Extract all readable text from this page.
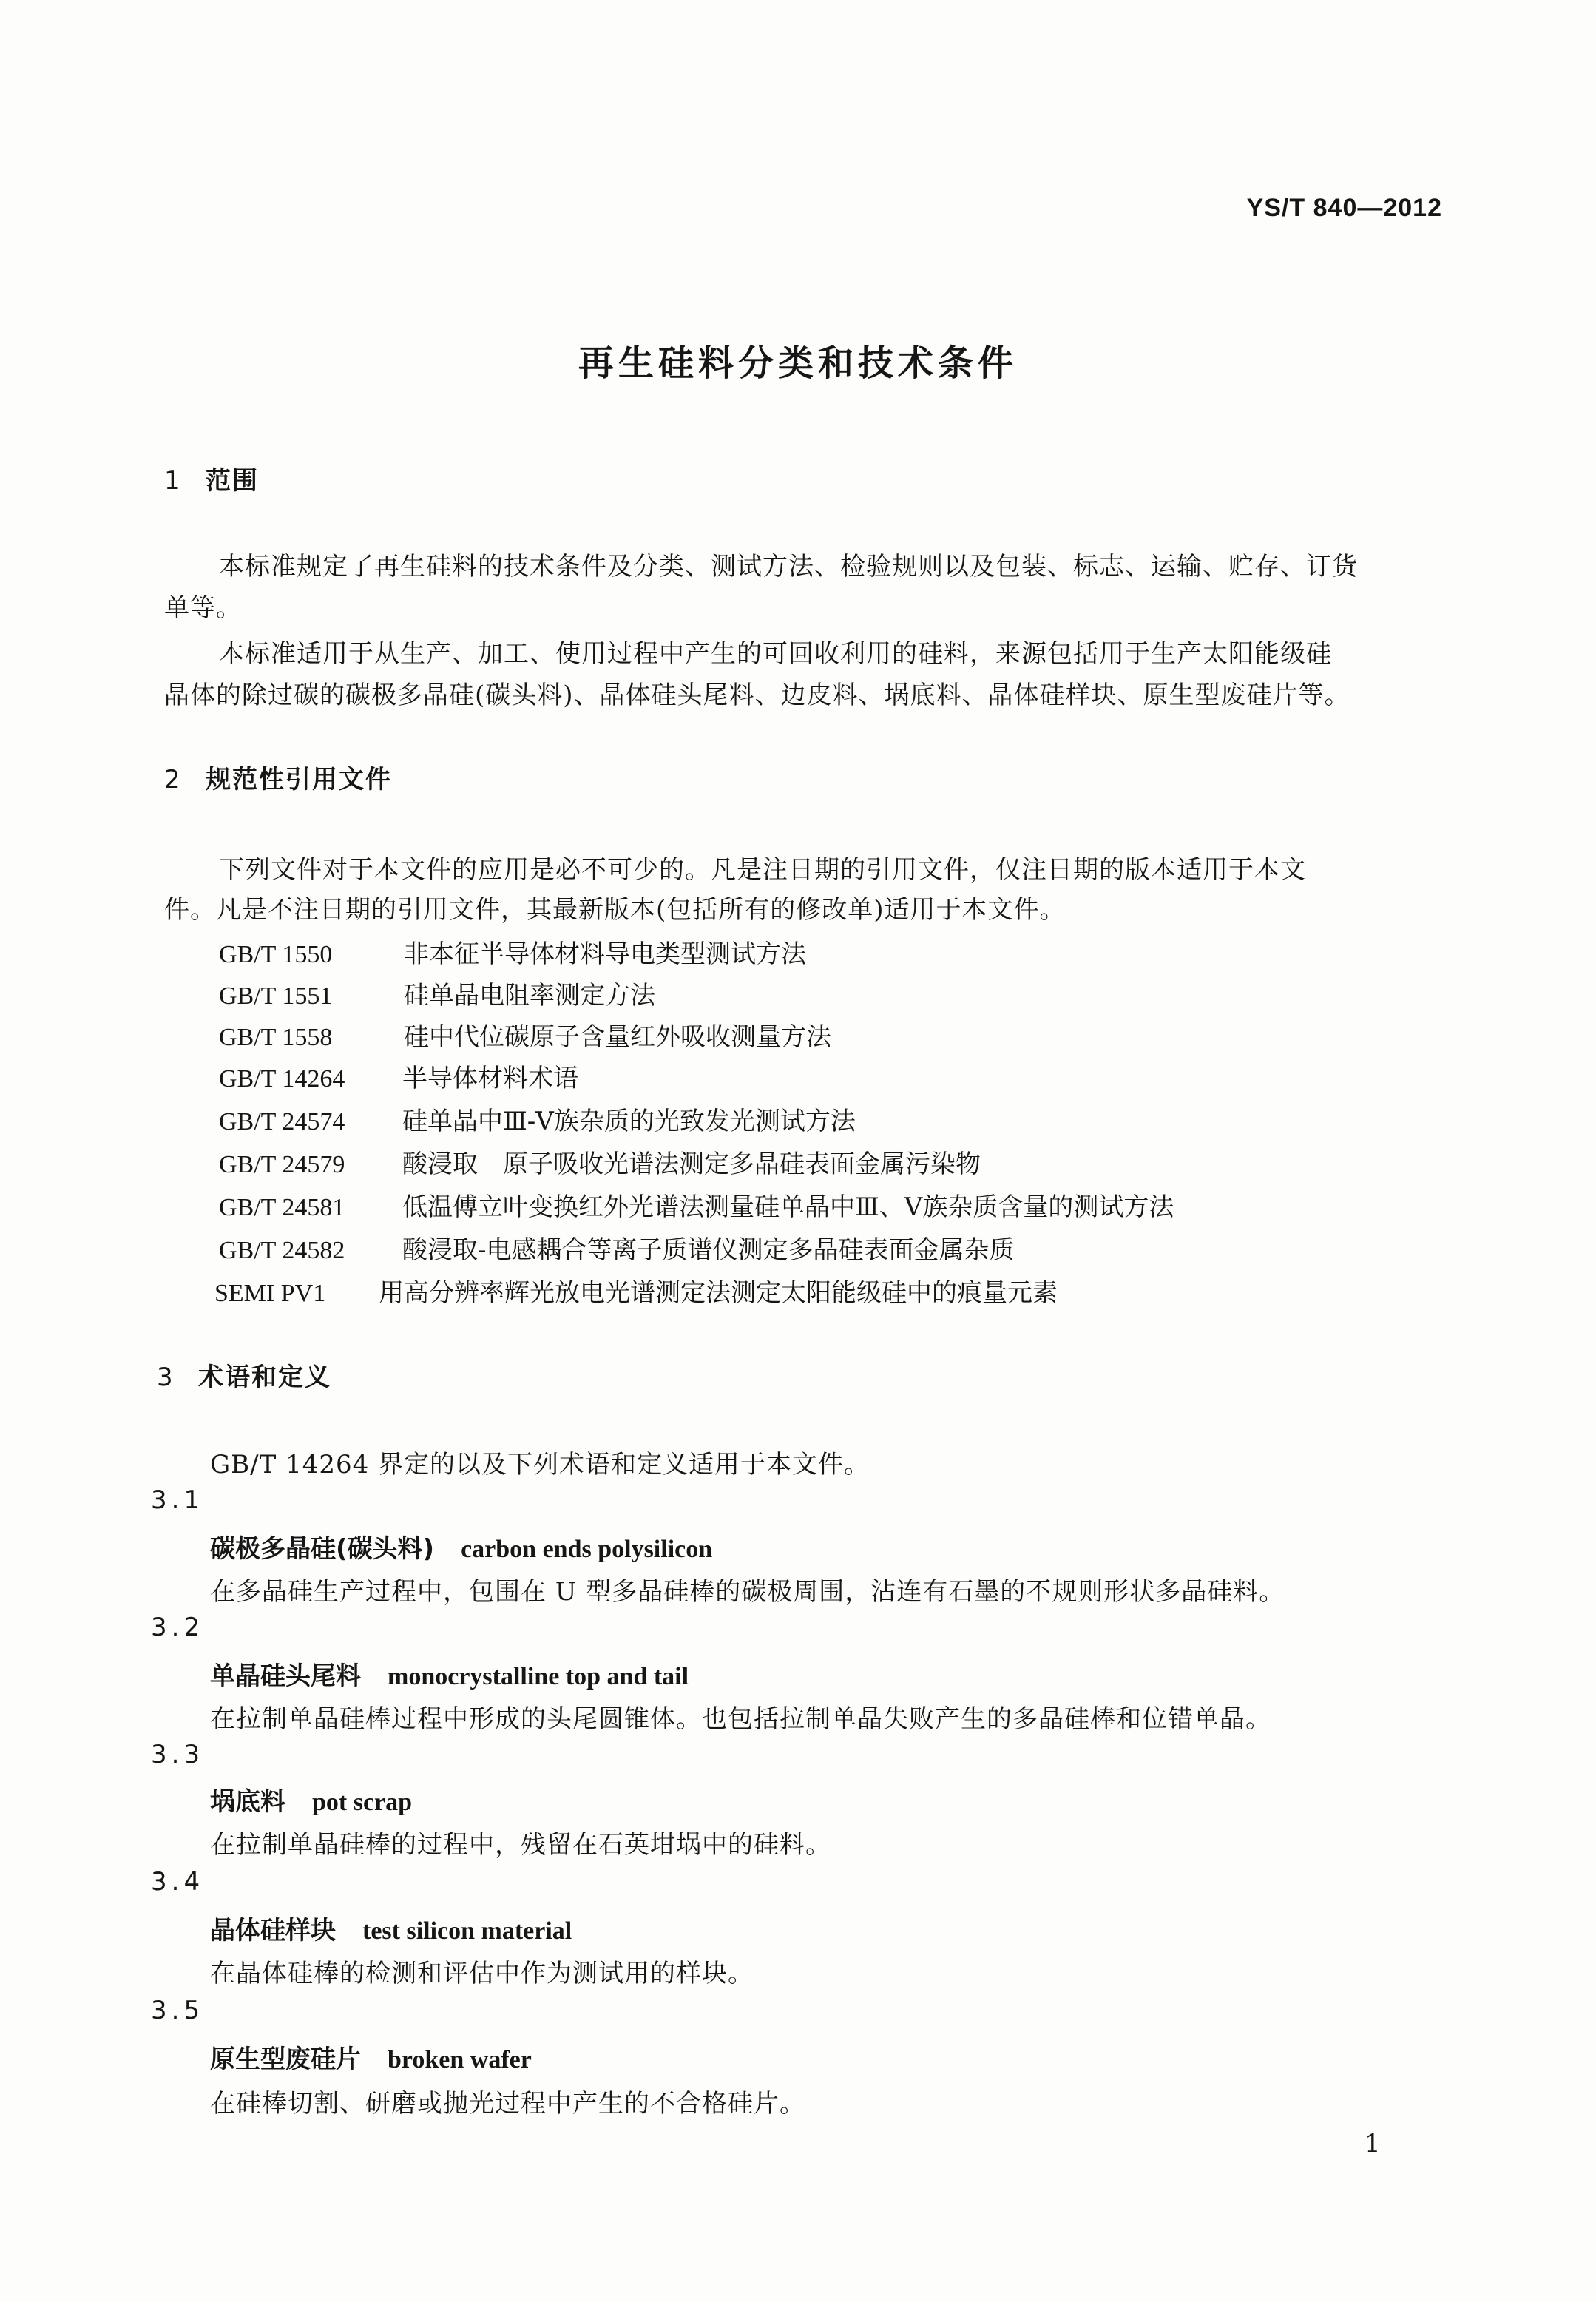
YS/T 840—2012
再生硅料分类和技术条件
1 范围
本标准规定了再生硅料的技术条件及分类、测试方法、检验规则以及包装、标志、运输、贮存、订货
单等。
本标准适用于从生产、加工、使用过程中产生的可回收利用的硅料，来源包括用于生产太阳能级硅
晶体的除过碳的碳极多晶硅(碳头料)、晶体硅头尾料、边皮料、埚底料、晶体硅样块、原生型废硅片等。
2 规范性引用文件
下列文件对于本文件的应用是必不可少的。凡是注日期的引用文件，仅注日期的版本适用于本文
件。凡是不注日期的引用文件，其最新版本(包括所有的修改单)适用于本文件。
GB/T 1550	非本征半导体材料导电类型测试方法
GB/T 1551	硅单晶电阻率测定方法
GB/T 1558	硅中代位碳原子含量红外吸收测量方法
GB/T 14264 半导体材料术语
GB/T 24574 硅单晶中Ⅲ-Ⅴ族杂质的光致发光测试方法
GB/T 24579 酸浸取　原子吸收光谱法测定多晶硅表面金属污染物
GB/T 24581 低温傅立叶变换红外光谱法测量硅单晶中Ⅲ、Ⅴ族杂质含量的测试方法
GB/T 24582 酸浸取-电感耦合等离子质谱仪测定多晶硅表面金属杂质
SEMI PV1 用高分辨率辉光放电光谱测定法测定太阳能级硅中的痕量元素
3 术语和定义
GB/T 14264 界定的以及下列术语和定义适用于本文件。
3.1
碳极多晶硅(碳头料) carbon ends polysilicon
在多晶硅生产过程中，包围在 U 型多晶硅棒的碳极周围，沾连有石墨的不规则形状多晶硅料。
3.2
单晶硅头尾料 monocrystalline top and tail
在拉制单晶硅棒过程中形成的头尾圆锥体。也包括拉制单晶失败产生的多晶硅棒和位错单晶。
3.3
埚底料 pot scrap
在拉制单晶硅棒的过程中，残留在石英坩埚中的硅料。
3.4
晶体硅样块 test silicon material
在晶体硅棒的检测和评估中作为测试用的样块。
3.5
原生型废硅片 broken wafer
在硅棒切割、研磨或抛光过程中产生的不合格硅片。
1
